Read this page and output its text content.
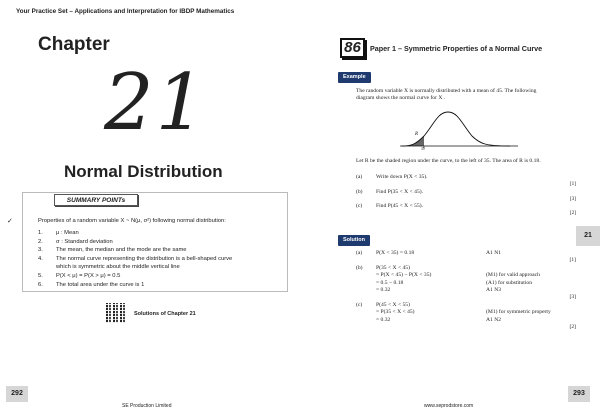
Your Practice Set – Applications and Interpretation for IBDP Mathematics
Chapter
21
Normal Distribution
SUMMARY POINTs
✓	Properties of a random variable X ~ N(μ, σ²) following normal distribution:
1.	μ : Mean
2.	σ : Standard deviation
3.	The mean, the median and the mode are the same
4.	The normal curve representing the distribution is a bell-shaped curve
which is symmetric about the middle vertical line
5.	P(X < μ) = P(X > μ) = 0.5
6.	The total area under the curve is 1
Solutions of Chapter 21
292
SE Production Limited
86	Paper 1 – Symmetric Properties of a Normal Curve
Example
The random variable X is normally distributed with a mean of 45. The following
diagram shows the normal curve for X .
R
35
Let R be the shaded region under the curve, to the left of 35. The area of R is 0.18.
(a)	Write down P(X < 35).
[1]
(b)	Find P(35 < X < 45).
[3]
(c)	Find P(45 < X < 55).
[2]
Solution
(a)	P(X < 35) = 0.18	A1 N1
[1]
(b)	P(35 < X < 45)
= P(X < 45) − P(X < 35)	(M1) for valid approach
= 0.5 − 0.18	(A1) for substitution
= 0.32	A1 N3
[3]
(c)	P(45 < X < 55)
= P(35 < X < 45)	(M1) for symmetric property
= 0.32	A1 N2
[2]
21
293
www.seprodstore.com
